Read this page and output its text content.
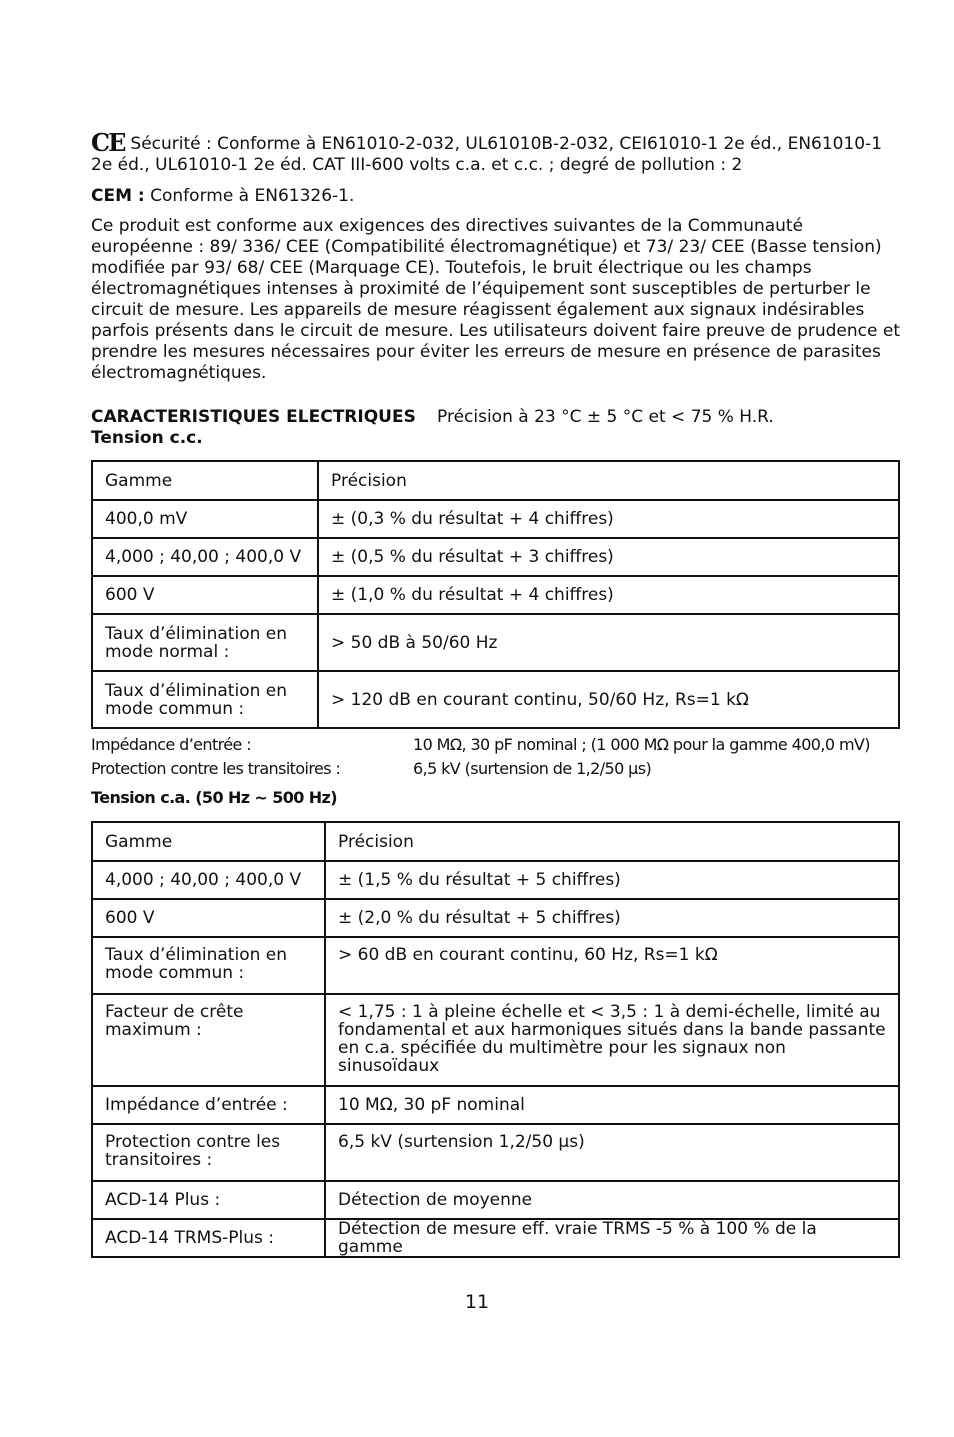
CE Sécurité : Conforme à EN61010-2-032, UL61010B-2-032, CEI61010-1 2e éd., EN61010-1 2e éd., UL61010-1 2e éd. CAT III-600 volts c.a. et c.c. ; degré de pollution : 2

CEM : Conforme à EN61326-1.

Ce produit est conforme aux exigences des directives suivantes de la Communauté européenne : 89/ 336/ CEE (Compatibilité électromagnétique) et 73/ 23/ CEE (Basse tension) modifiée par 93/ 68/ CEE (Marquage CE). Toutefois, le bruit électrique ou les champs électromagnétiques intenses à proximité de l’équipement sont susceptibles de perturber le circuit de mesure. Les appareils de mesure réagissent également aux signaux indésirables parfois présents dans le circuit de mesure. Les utilisateurs doivent faire preuve de prudence et prendre les mesures nécessaires pour éviter les erreurs de mesure en présence de parasites électromagnétiques.

CARACTERISTIQUES ELECTRIQUES Précision à 23 °C ± 5 °C et < 75 % H.R.
Tension c.c.
Gamme	Précision
400,0 mV	± (0,3 % du résultat + 4 chiffres)
4,000 ; 40,00 ; 400,0 V	± (0,5 % du résultat + 3 chiffres)
600 V	± (1,0 % du résultat + 4 chiffres)
Taux d’élimination en mode normal :	> 50 dB à 50/60 Hz
Taux d’élimination en mode commun :	> 120 dB en courant continu, 50/60 Hz, Rs=1 kΩ
Impédance d’entrée :	10 MΩ, 30 pF nominal ; (1 000 MΩ pour la gamme 400,0 mV)
Protection contre les transitoires :	6,5 kV (surtension de 1,2/50 µs)
Tension c.a. (50 Hz ~ 500 Hz)
Gamme	Précision
4,000 ; 40,00 ; 400,0 V	± (1,5 % du résultat + 5 chiffres)
600 V	± (2,0 % du résultat + 5 chiffres)
Taux d’élimination en mode commun :	> 60 dB en courant continu, 60 Hz, Rs=1 kΩ
Facteur de crête maximum :	< 1,75 : 1 à pleine échelle et < 3,5 : 1 à demi-échelle, limité au fondamental et aux harmoniques situés dans la bande passante en c.a. spécifiée du multimètre pour les signaux non sinusoïdaux
Impédance d’entrée :	10 MΩ, 30 pF nominal
Protection contre les transitoires :	6,5 kV (surtension 1,2/50 µs)
ACD-14 Plus :	Détection de moyenne
ACD-14 TRMS-Plus :	Détection de mesure eff. vraie TRMS -5 % à 100 % de la gamme
11
